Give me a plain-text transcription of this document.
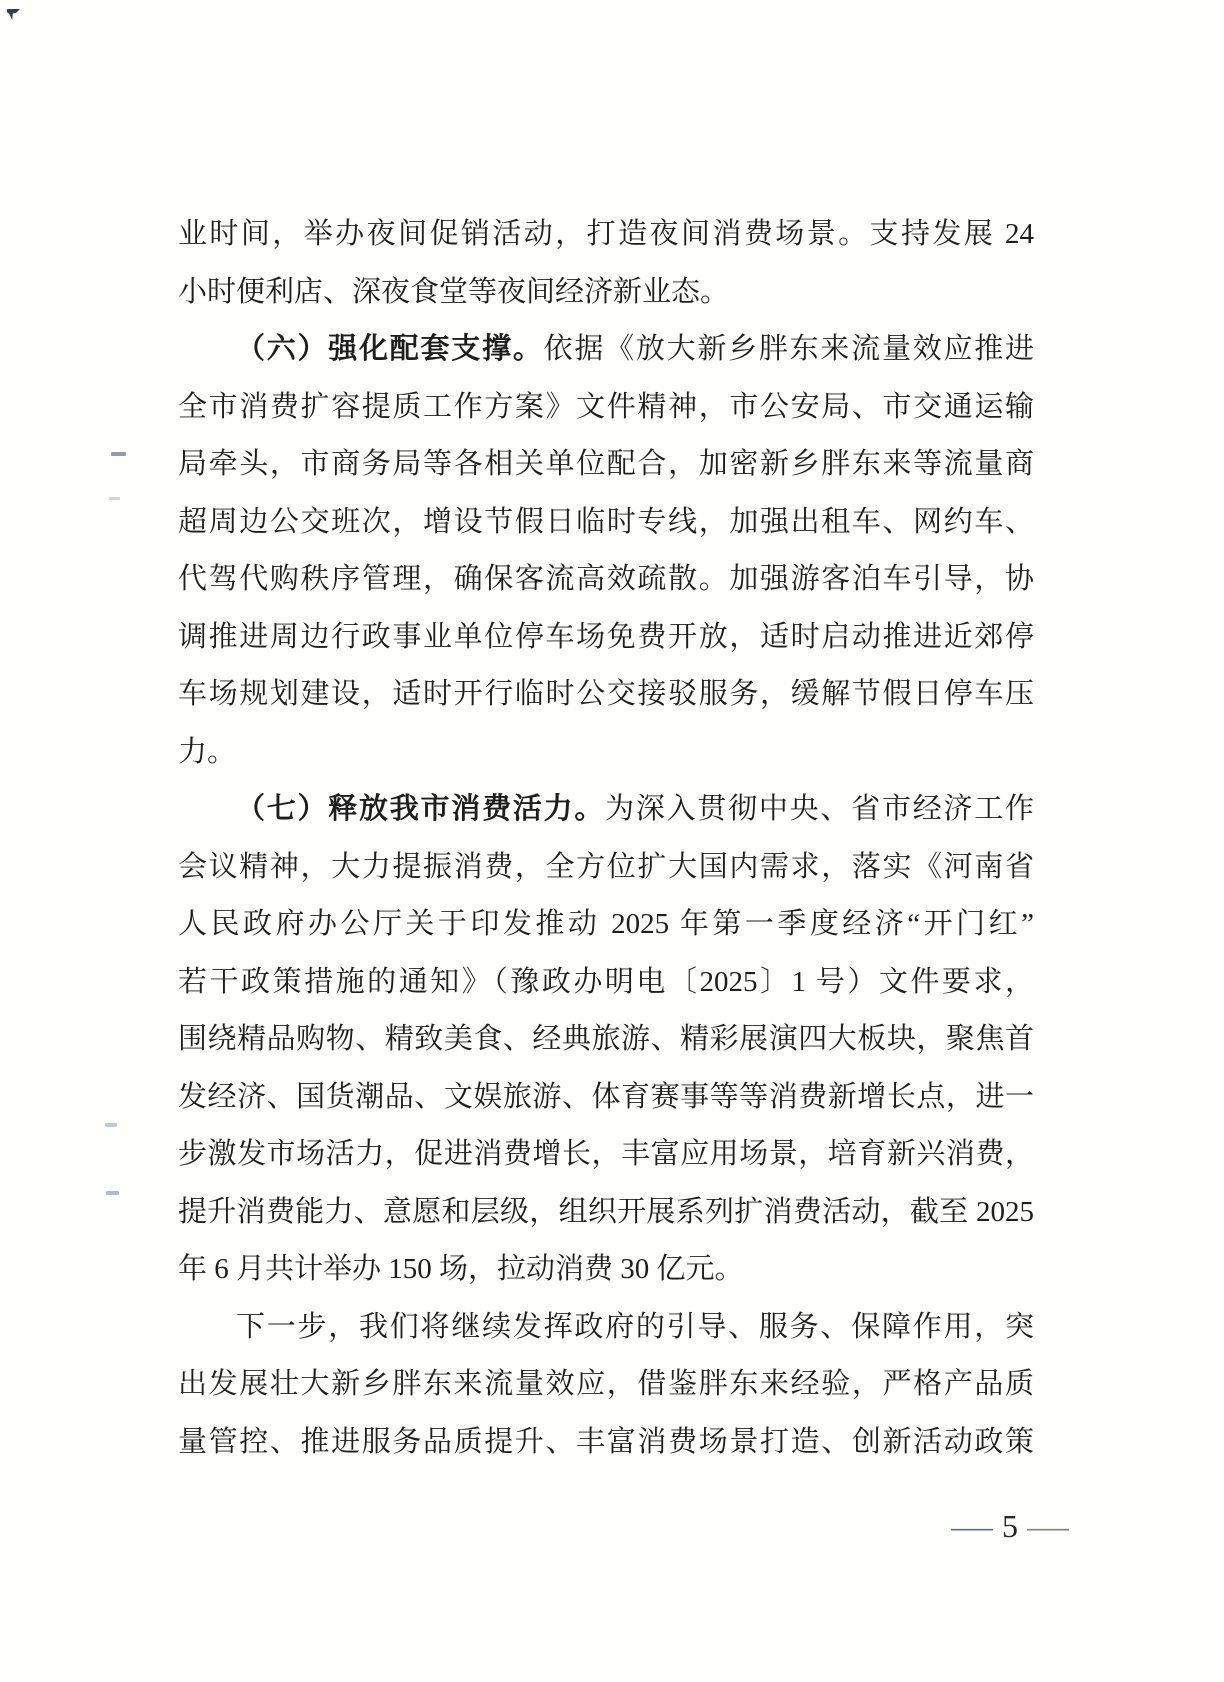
业时间，举办夜间促销活动，打造夜间消费场景。支持发展 24
小时便利店、深夜食堂等夜间经济新业态。
（六）强化配套支撑。依据《放大新乡胖东来流量效应推进
全市消费扩容提质工作方案》文件精神，市公安局、市交通运输
局牵头，市商务局等各相关单位配合，加密新乡胖东来等流量商
超周边公交班次，增设节假日临时专线，加强出租车、网约车、
代驾代购秩序管理，确保客流高效疏散。加强游客泊车引导，协
调推进周边行政事业单位停车场免费开放，适时启动推进近郊停
车场规划建设，适时开行临时公交接驳服务，缓解节假日停车压
力。
（七）释放我市消费活力。为深入贯彻中央、省市经济工作
会议精神，大力提振消费，全方位扩大国内需求，落实《河南省
人民政府办公厅关于印发推动 2025 年第一季度经济“开门红”
若干政策措施的通知》（豫政办明电〔2025〕1 号）文件要求，
围绕精品购物、精致美食、经典旅游、精彩展演四大板块，聚焦首
发经济、国货潮品、文娱旅游、体育赛事等等消费新增长点，进一
步激发市场活力，促进消费增长，丰富应用场景，培育新兴消费，
提升消费能力、意愿和层级，组织开展系列扩消费活动，截至 2025
年 6 月共计举办 150 场，拉动消费 30 亿元。
下一步，我们将继续发挥政府的引导、服务、保障作用，突
出发展壮大新乡胖东来流量效应，借鉴胖东来经验，严格产品质
量管控、推进服务品质提升、丰富消费场景打造、创新活动政策
— 5 —
